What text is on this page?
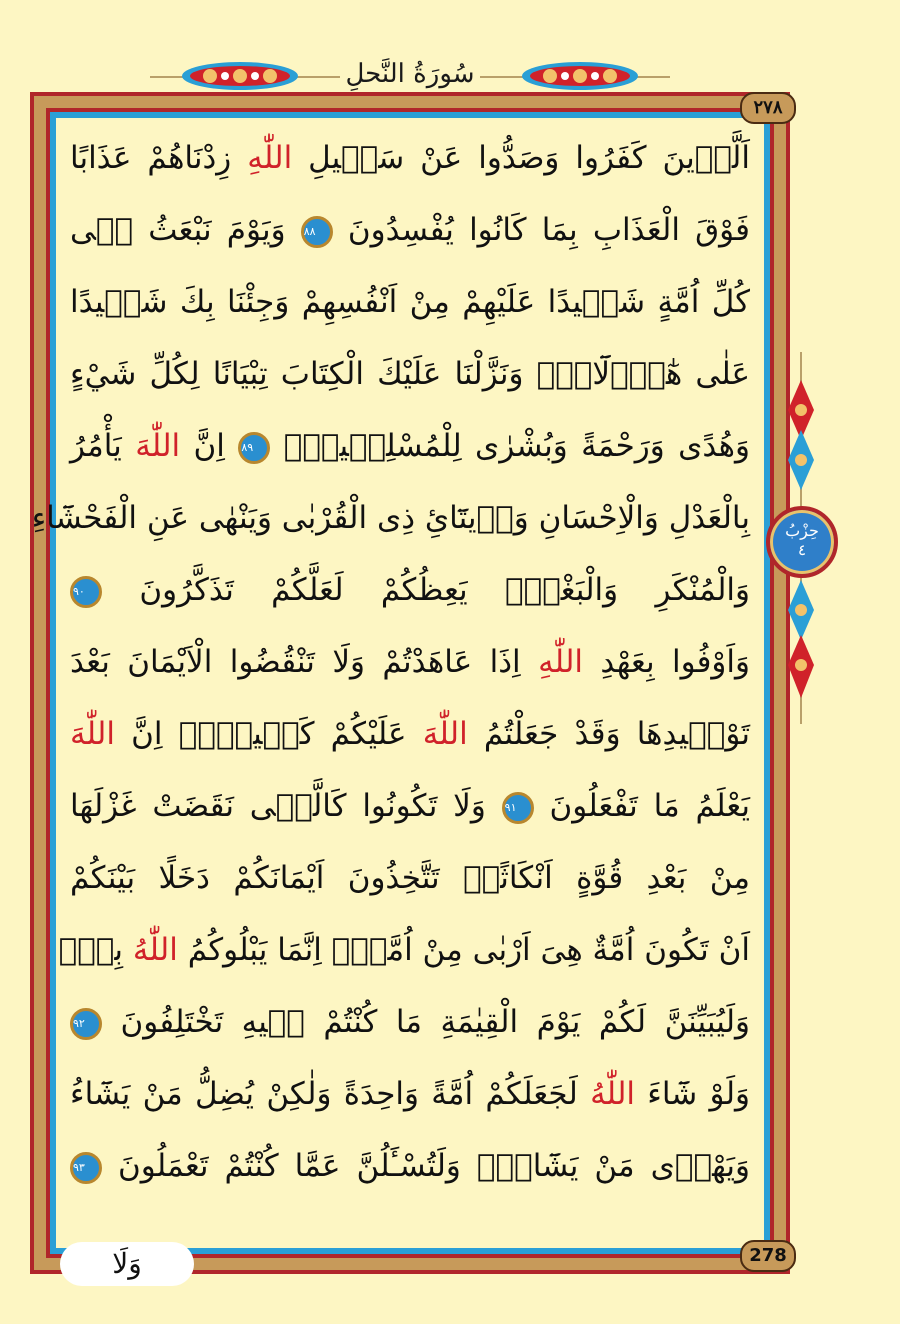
سُورَةُ النَّحلِ
٢٧٨
اَلَّذٖينَ كَفَرُوا وَصَدُّوا عَنْ سَبٖيلِ اللّٰهِ زِدْنَاهُمْ عَذَابًا
فَوْقَ الْعَذَابِ بِمَا كَانُوا يُفْسِدُونَ ٨٨ وَيَوْمَ نَبْعَثُ فٖى
كُلِّ اُمَّةٍ شَهٖيدًا عَلَيْهِمْ مِنْ اَنْفُسِهِمْ وَجِئْنَا بِكَ شَهٖيدًا
عَلٰى هٰٓؤُ۬لَٓاءِۜ وَنَزَّلْنَا عَلَيْكَ الْكِتَابَ تِبْيَانًا لِكُلِّ شَيْءٍ
وَهُدًى وَرَحْمَةً وَبُشْرٰى لِلْمُسْلِمٖينَ۟ ٨٩ اِنَّ اللّٰهَ يَأْمُرُ
بِالْعَدْلِ وَالْاِحْسَانِ وَاٖيتَٓائِ ذِى الْقُرْبٰى وَيَنْهٰى عَنِ الْفَحْشَٓاءِ
وَالْمُنْكَرِ وَالْبَغْيِۚ يَعِظُكُمْ لَعَلَّكُمْ تَذَكَّرُونَ ٩٠
وَاَوْفُوا بِعَهْدِ اللّٰهِ اِذَا عَاهَدْتُمْ وَلَا تَنْقُضُوا الْاَيْمَانَ بَعْدَ
تَوْكٖيدِهَا وَقَدْ جَعَلْتُمُ اللّٰهَ عَلَيْكُمْ كَفٖيلًاۜ اِنَّ اللّٰهَ
يَعْلَمُ مَا تَفْعَلُونَ ٩١ وَلَا تَكُونُوا كَالَّتٖى نَقَضَتْ غَزْلَهَا
مِنْ بَعْدِ قُوَّةٍ اَنْكَاثًاۜ تَتَّخِذُونَ اَيْمَانَكُمْ دَخَلًا بَيْنَكُمْ
اَنْ تَكُونَ اُمَّةٌ هِىَ اَرْبٰى مِنْ اُمَّةٍۜ اِنَّمَا يَبْلُوكُمُ اللّٰهُ بِهٖۜ
وَلَيُبَيِّنَنَّ لَكُمْ يَوْمَ الْقِيٰمَةِ مَا كُنْتُمْ فٖيهِ تَخْتَلِفُونَ ٩٢
وَلَوْ شَٓاءَ اللّٰهُ لَجَعَلَكُمْ اُمَّةً وَاحِدَةً وَلٰكِنْ يُضِلُّ مَنْ يَشَٓاءُ
وَيَهْدٖى مَنْ يَشَٓاءُۜ وَلَتُسْـَٔلُنَّ عَمَّا كُنْتُمْ تَعْمَلُونَ ٩٣
278
وَلَا
حِزْبُ
٤
